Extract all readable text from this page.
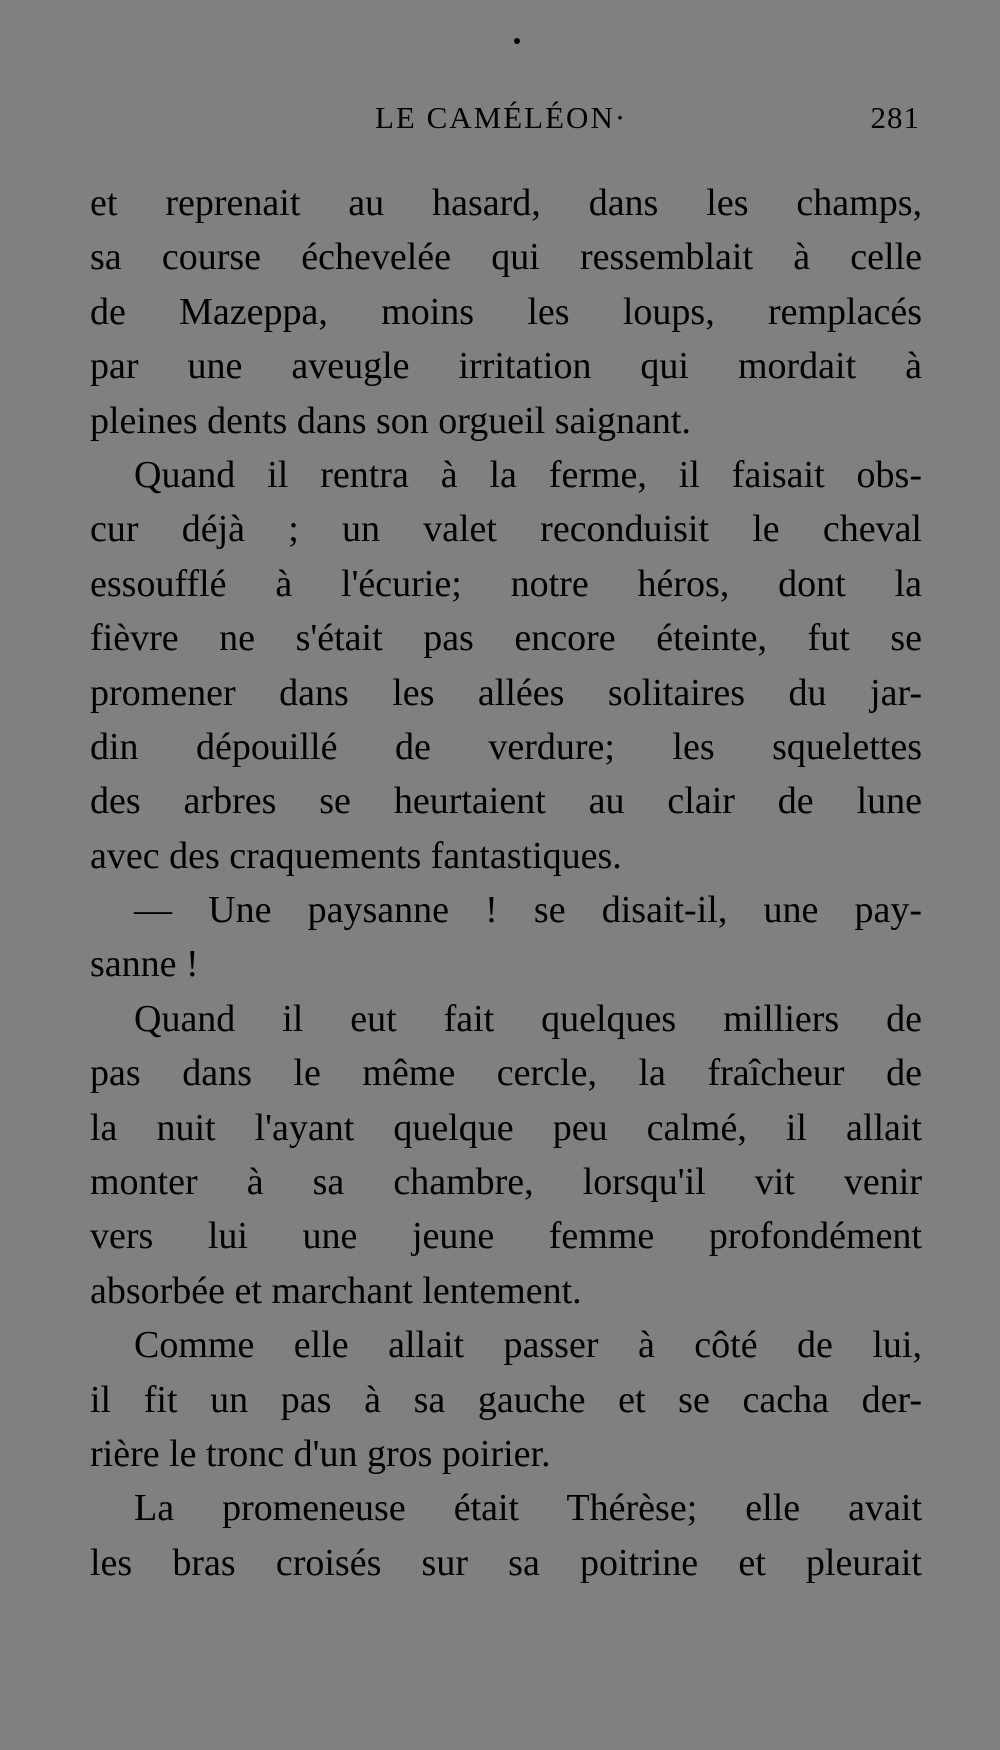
LE CAMÉLÉON·	281
et reprenait au hasard, dans les champs,
sa course échevelée qui ressemblait à celle
de Mazeppa, moins les loups, remplacés
par une aveugle irritation qui mordait à
pleines dents dans son orgueil saignant.
Quand il rentra à la ferme, il faisait obs-
cur déjà ; un valet reconduisit le cheval
essoufflé à l'écurie; notre héros, dont la
fièvre ne s'était pas encore éteinte, fut se
promener dans les allées solitaires du jar-
din dépouillé de verdure; les squelettes
des arbres se heurtaient au clair de lune
avec des craquements fantastiques.
— Une paysanne ! se disait-il, une pay-
sanne !
Quand il eut fait quelques milliers de
pas dans le même cercle, la fraîcheur de
la nuit l'ayant quelque peu calmé, il allait
monter à sa chambre, lorsqu'il vit venir
vers lui une jeune femme profondément
absorbée et marchant lentement.
Comme elle allait passer à côté de lui,
il fit un pas à sa gauche et se cacha der-
rière le tronc d'un gros poirier.
La promeneuse était Thérèse; elle avait
les bras croisés sur sa poitrine et pleurait
